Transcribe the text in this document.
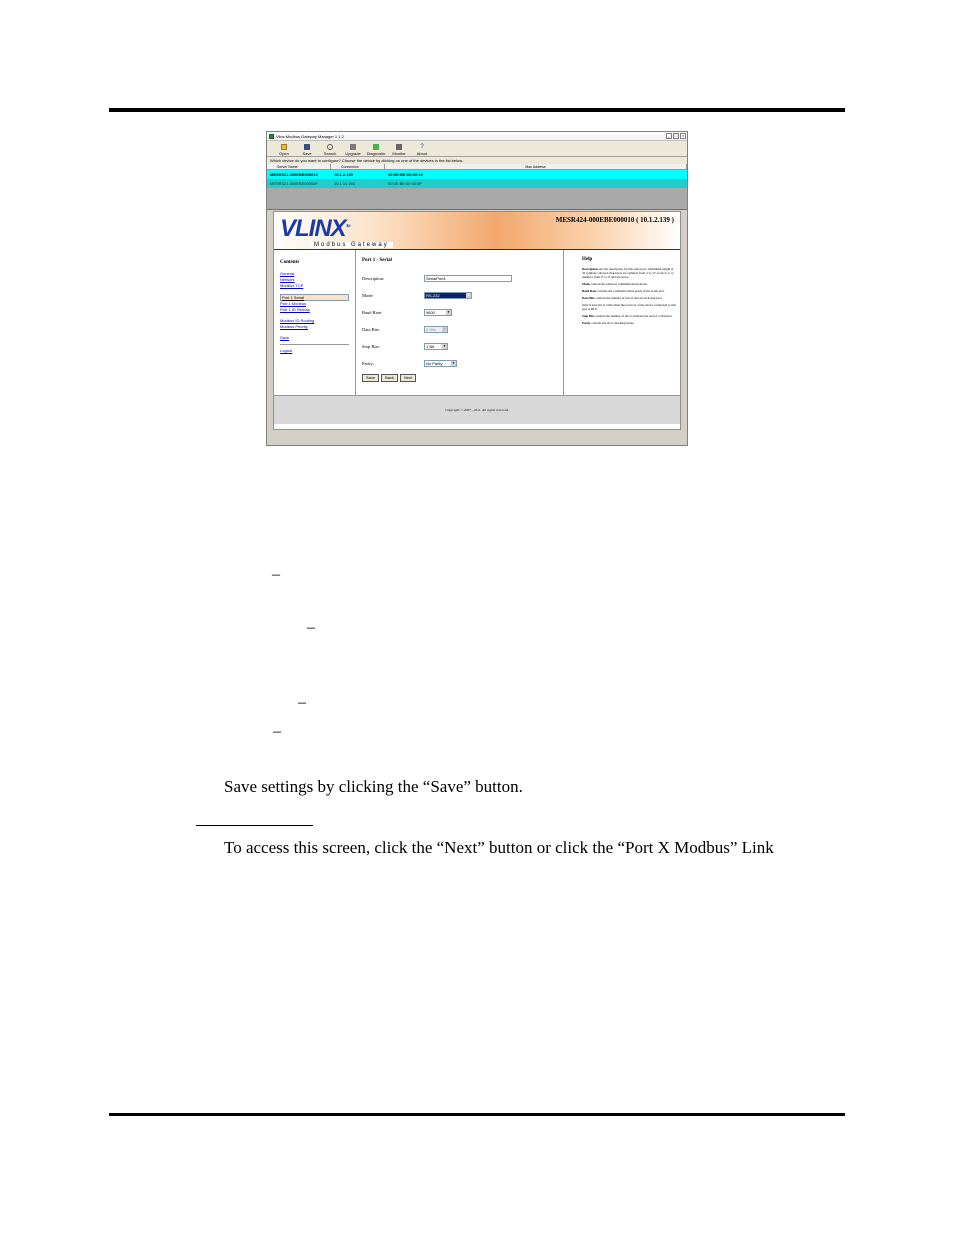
Vlinx Modbus Gateway Manager 1.1.2	_	□	×
Open	Save	Search Upgrade Diagnostic Monitor
?
About
Which device do you want to configure? Choose the device by clicking on one of the devices in the list below.
Server Name	Connection	Mac Address
MESR321-000EBE000010	10.1.2.139	00:0E:BE:00:00:10
MESR321-000EBE00000F	10.1.11.155	00:0E:BE:00:00:0F
VLINX™
Modbus Gateway
MESR424-000EBE000010 ( 10.1.2.139 )
Contents
General
Network
Modbus TCP
Port 1 Serial
Port 1 Modbus
Port 1 ID Remap
Modbus ID Routing
Modbus Priority
Save
Logout
Port 1 - Serial
Description:	SerialPort1
Mode:	RS-232	▼
Baud Rate:	9600	▼
Data Bits:	8 Bits	▼
Stop Bits:	1 Bit	▼
Parity:	No Parity	▼
Save	Back	Next
Help

Description sets the description for this serial port. Maximum length is 32 symbols, allowed characters are symbols from 'a' to 'Z', from 'a' to 'z', numbers from '0' to '9' and the space.

Mode controls the physical communications mode.

Baud Rate controls the communications speed of the serial port.

Data Bits controls the number of bits of data in each character.

Only 8 data bits is valid when the protocol of the device connected to this port is RTU.

Stop Bits controls the number of bits to indicate the end of a character.

Parity controls the error checking mode.

Copyright © 2007 - 2011. All rights reserved.
–
–
–
–
Save settings by clicking the “Save” button.
To access this screen, click the “Next” button or click the “Port X Modbus” Link
